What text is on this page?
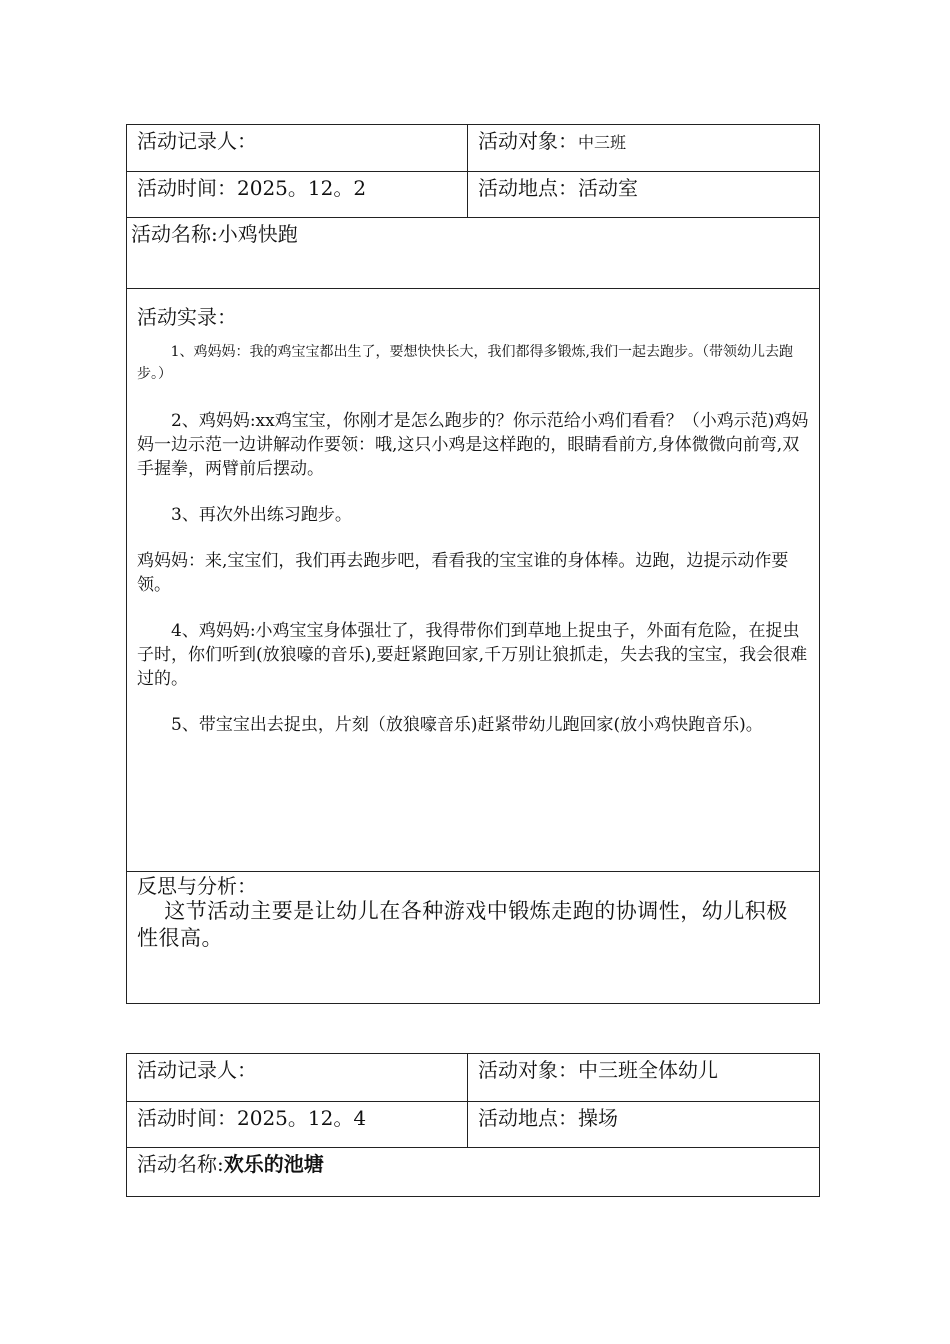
活动记录人：	活动对象：中三班
活动时间：2025。12。2	活动地点：活动室
活动名称:小鸡快跑
活动实录：

1、鸡妈妈：我的鸡宝宝都出生了，要想快快长大，我们都得多锻炼,我们一起去跑步。（带领幼儿去跑步。）

2、鸡妈妈:xx鸡宝宝，你刚才是怎么跑步的？你示范给小鸡们看看？（小鸡示范)鸡妈妈一边示范一边讲解动作要领：哦,这只小鸡是这样跑的，眼睛看前方,身体微微向前弯,双手握拳，两臂前后摆动。

3、再次外出练习跑步。

鸡妈妈：来,宝宝们，我们再去跑步吧，看看我的宝宝谁的身体棒。边跑，边提示动作要领。

4、鸡妈妈:小鸡宝宝身体强壮了，我得带你们到草地上捉虫子，外面有危险，在捉虫子时，你们听到(放狼嚎的音乐),要赶紧跑回家,千万别让狼抓走，失去我的宝宝，我会很难过的。

5、带宝宝出去捉虫，片刻（放狼嚎音乐)赶紧带幼儿跑回家(放小鸡快跑音乐)。

反思与分析：
这节活动主要是让幼儿在各种游戏中锻炼走跑的协调性，幼儿积极性很高。
活动记录人：	活动对象：中三班全体幼儿
活动时间：2025。12。4	活动地点：操场
活动名称:欢乐的池塘
